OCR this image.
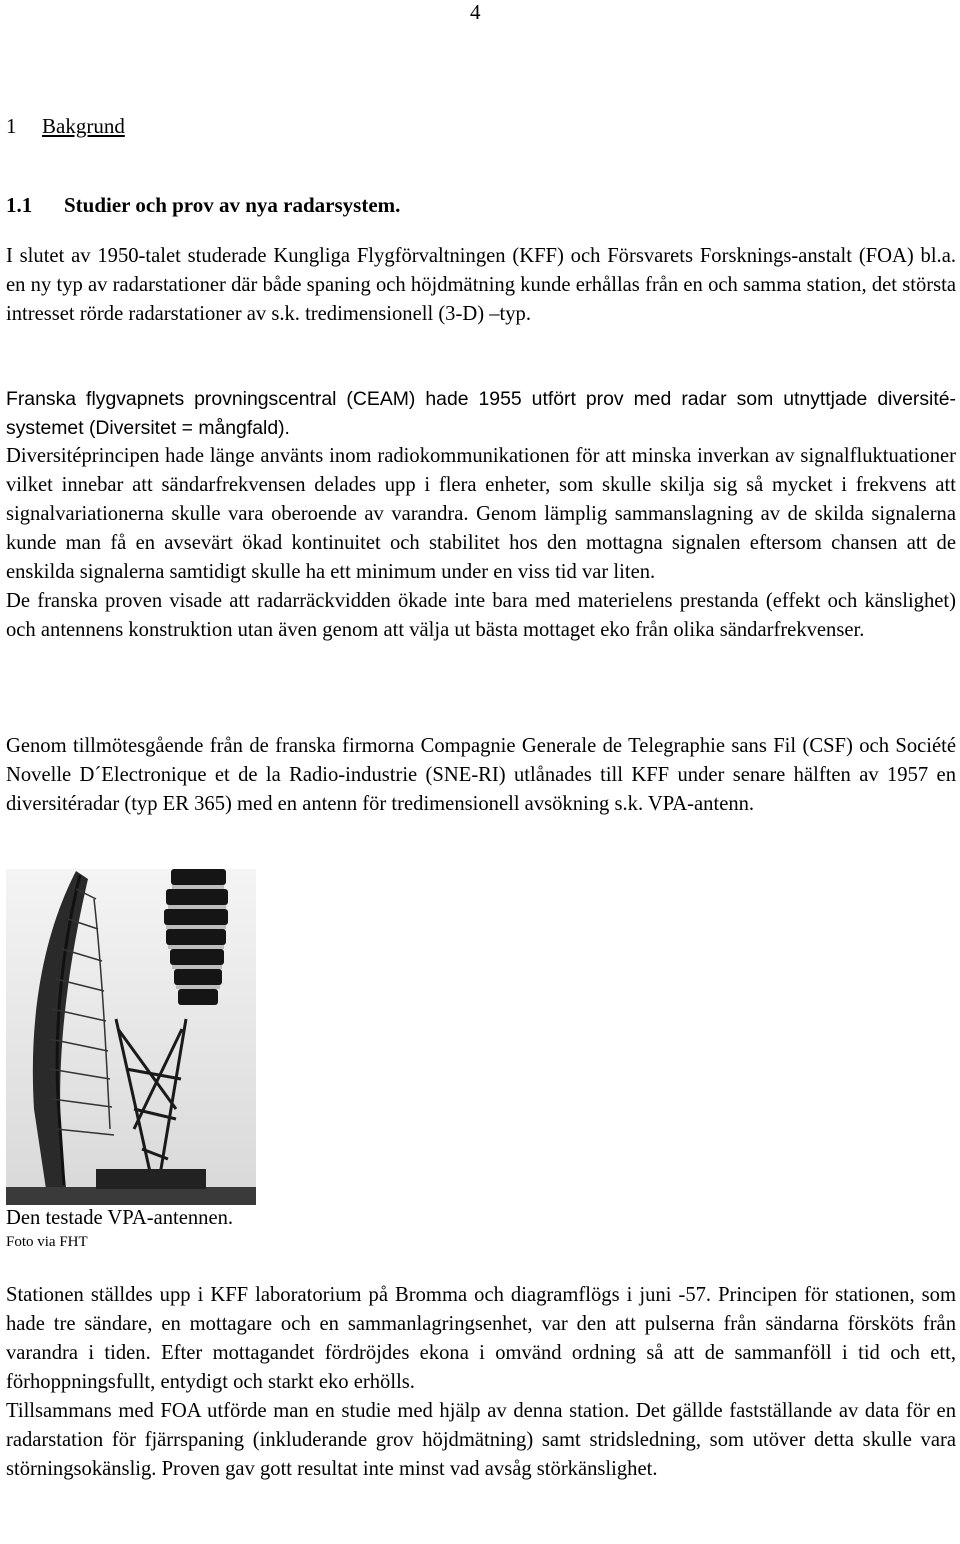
4
1 Bakgrund
1.1 Studier och prov av nya radarsystem.

I slutet av 1950-talet studerade Kungliga Flygförvaltningen (KFF) och Försvarets Forsknings-anstalt (FOA) bl.a. en ny typ av radarstationer där både spaning och höjdmätning kunde erhållas från en och samma station, det största intresset rörde radarstationer av s.k. tredimensionell (3-D) –typ.

Franska flygvapnets provningscentral (CEAM) hade 1955 utfört prov med radar som utnyttjade diversité-systemet (Diversitet = mångfald).

Diversitéprincipen hade länge använts inom radiokommunikationen för att minska inverkan av signalfluktuationer vilket innebar att sändarfrekvensen delades upp i flera enheter, som skulle skilja sig så mycket i frekvens att signalvariationerna skulle vara oberoende av varandra. Genom lämplig sammanslagning av de skilda signalerna kunde man få en avsevärt ökad kontinuitet och stabilitet hos den mottagna signalen eftersom chansen att de enskilda signalerna samtidigt skulle ha ett minimum under en viss tid var liten.

De franska proven visade att radarräckvidden ökade inte bara med materielens prestanda (effekt och känslighet) och antennens konstruktion utan även genom att välja ut bästa mottaget eko från olika sändarfrekvenser.

Genom tillmötesgående från de franska firmorna Compagnie Generale de Telegraphie sans Fil (CSF) och Société Novelle D´Electronique et de la Radio-industrie (SNE-RI) utlånades till KFF under senare hälften av 1957 en diversitéradar (typ ER 365) med en antenn för tredimensionell avsökning s.k. VPA-antenn.

Den testade VPA-antennen.
Foto via FHT

Stationen ställdes upp i KFF laboratorium på Bromma och diagramflögs i juni -57. Principen för stationen, som hade tre sändare, en mottagare och en sammanlagringsenhet, var den att pulserna från sändarna försköts från varandra i tiden. Efter mottagandet fördröjdes ekona i omvänd ordning så att de sammanföll i tid och ett, förhoppningsfullt, entydigt och starkt eko erhölls.

Tillsammans med FOA utförde man en studie med hjälp av denna station. Det gällde fastställande av data för en radarstation för fjärrspaning (inkluderande grov höjdmätning) samt stridsledning, som utöver detta skulle vara störningsokänslig. Proven gav gott resultat inte minst vad avsåg störkänslighet.
